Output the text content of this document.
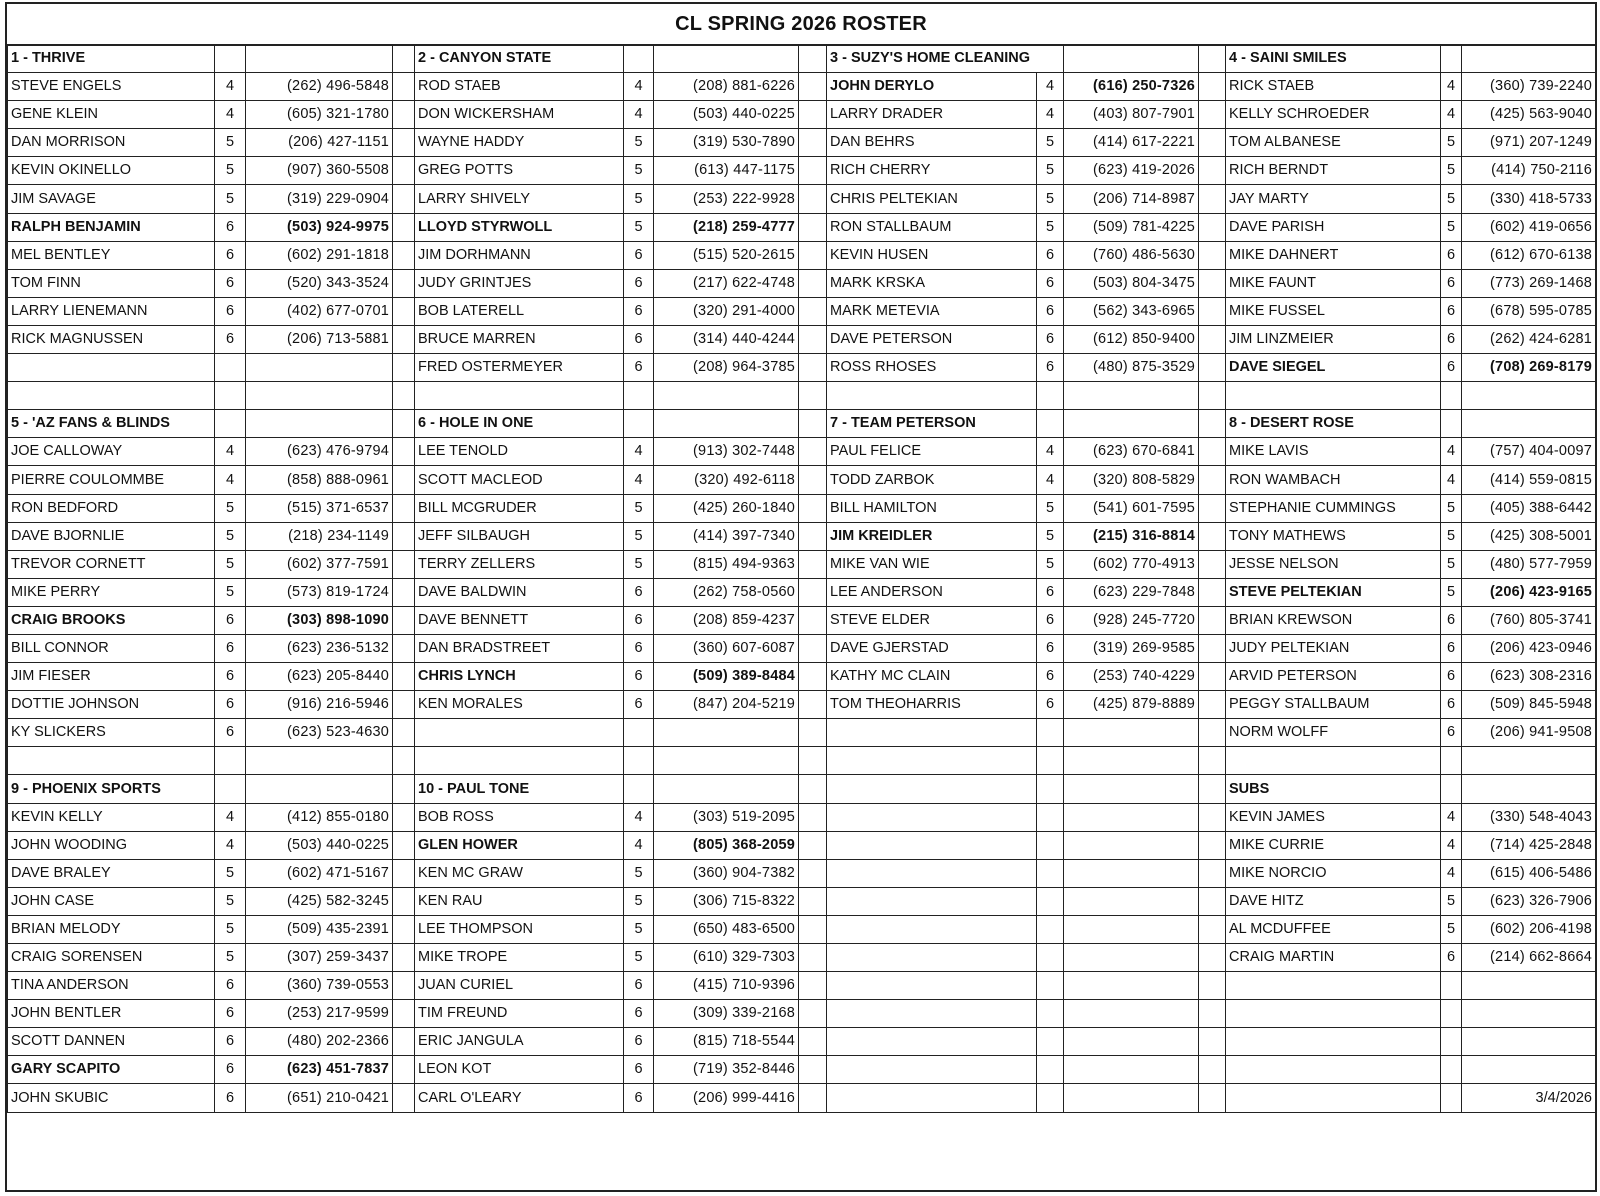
CL SPRING 2026 ROSTER
1 - THRIVE				2 - CANYON STATE				3 - SUZY'S HOME CLEANING				4 - SAINI SMILES		
STEVE ENGELS	4	(262) 496-5848		ROD STAEB	4	(208) 881-6226		JOHN DERYLO	4	(616) 250-7326		RICK STAEB	4	(360) 739-2240
GENE KLEIN	4	(605) 321-1780		DON WICKERSHAM	4	(503) 440-0225		LARRY DRADER	4	(403) 807-7901		KELLY SCHROEDER	4	(425) 563-9040
DAN MORRISON	5	(206) 427-1151		WAYNE HADDY	5	(319) 530-7890		DAN BEHRS	5	(414) 617-2221		TOM ALBANESE	5	(971) 207-1249
KEVIN OKINELLO	5	(907) 360-5508		GREG POTTS	5	(613) 447-1175		RICH CHERRY	5	(623) 419-2026		RICH BERNDT	5	(414) 750-2116
JIM SAVAGE	5	(319) 229-0904		LARRY SHIVELY	5	(253) 222-9928		CHRIS PELTEKIAN	5	(206) 714-8987		JAY MARTY	5	(330) 418-5733
RALPH BENJAMIN	6	(503) 924-9975		LLOYD STYRWOLL	5	(218) 259-4777		RON STALLBAUM	5	(509) 781-4225		DAVE PARISH	5	(602) 419-0656
MEL BENTLEY	6	(602) 291-1818		JIM DORHMANN	6	(515) 520-2615		KEVIN HUSEN	6	(760) 486-5630		MIKE DAHNERT	6	(612) 670-6138
TOM FINN	6	(520) 343-3524		JUDY GRINTJES	6	(217) 622-4748		MARK KRSKA	6	(503) 804-3475		MIKE FAUNT	6	(773) 269-1468
LARRY LIENEMANN	6	(402) 677-0701		BOB LATERELL	6	(320) 291-4000		MARK METEVIA	6	(562) 343-6965		MIKE FUSSEL	6	(678) 595-0785
RICK MAGNUSSEN	6	(206) 713-5881		BRUCE MARREN	6	(314) 440-4244		DAVE PETERSON	6	(612) 850-9400		JIM LINZMEIER	6	(262) 424-6281
				FRED OSTERMEYER	6	(208) 964-3785		ROSS RHOSES	6	(480) 875-3529		DAVE SIEGEL	6	(708) 269-8179

5 - 'AZ FANS & BLINDS				6 - HOLE IN ONE				7 - TEAM PETERSON				8 - DESERT ROSE		
JOE CALLOWAY	4	(623) 476-9794		LEE TENOLD	4	(913) 302-7448		PAUL FELICE	4	(623) 670-6841		MIKE LAVIS	4	(757) 404-0097
PIERRE COULOMMBE	4	(858) 888-0961		SCOTT MACLEOD	4	(320) 492-6118		TODD ZARBOK	4	(320) 808-5829		RON WAMBACH	4	(414) 559-0815
RON BEDFORD	5	(515) 371-6537		BILL MCGRUDER	5	(425) 260-1840		BILL HAMILTON	5	(541) 601-7595		STEPHANIE CUMMINGS	5	(405) 388-6442
DAVE BJORNLIE	5	(218) 234-1149		JEFF SILBAUGH	5	(414) 397-7340		JIM KREIDLER	5	(215) 316-8814		TONY MATHEWS	5	(425) 308-5001
TREVOR CORNETT	5	(602) 377-7591		TERRY ZELLERS	5	(815) 494-9363		MIKE VAN WIE	5	(602) 770-4913		JESSE NELSON	5	(480) 577-7959
MIKE PERRY	5	(573) 819-1724		DAVE BALDWIN	6	(262) 758-0560		LEE ANDERSON	6	(623) 229-7848		STEVE PELTEKIAN	5	(206) 423-9165
CRAIG BROOKS	6	(303) 898-1090		DAVE BENNETT	6	(208) 859-4237		STEVE ELDER	6	(928) 245-7720		BRIAN KREWSON	6	(760) 805-3741
BILL CONNOR	6	(623) 236-5132		DAN BRADSTREET	6	(360) 607-6087		DAVE GJERSTAD	6	(319) 269-9585		JUDY PELTEKIAN	6	(206) 423-0946
JIM FIESER	6	(623) 205-8440		CHRIS LYNCH	6	(509) 389-8484		KATHY MC CLAIN	6	(253) 740-4229		ARVID PETERSON	6	(623) 308-2316
DOTTIE JOHNSON	6	(916) 216-5946		KEN MORALES	6	(847) 204-5219		TOM THEOHARRIS	6	(425) 879-8889		PEGGY STALLBAUM	6	(509) 845-5948
KY SLICKERS	6	(623) 523-4630										NORM WOLFF	6	(206) 941-9508

9 - PHOENIX SPORTS				10 - PAUL TONE								SUBS		
KEVIN KELLY	4	(412) 855-0180		BOB ROSS	4	(303) 519-2095						KEVIN JAMES	4	(330) 548-4043
JOHN WOODING	4	(503) 440-0225		GLEN HOWER	4	(805) 368-2059						MIKE CURRIE	4	(714) 425-2848
DAVE BRALEY	5	(602) 471-5167		KEN MC GRAW	5	(360) 904-7382						MIKE NORCIO	4	(615) 406-5486
JOHN CASE	5	(425) 582-3245		KEN RAU	5	(306) 715-8322						DAVE HITZ	5	(623) 326-7906
BRIAN MELODY	5	(509) 435-2391		LEE THOMPSON	5	(650) 483-6500						AL MCDUFFEE	5	(602) 206-4198
CRAIG SORENSEN	5	(307) 259-3437		MIKE TROPE	5	(610) 329-7303						CRAIG MARTIN	6	(214) 662-8664
TINA ANDERSON	6	(360) 739-0553		JUAN CURIEL	6	(415) 710-9396								
JOHN BENTLER	6	(253) 217-9599		TIM FREUND	6	(309) 339-2168								
SCOTT DANNEN	6	(480) 202-2366		ERIC JANGULA	6	(815) 718-5544								
GARY SCAPITO	6	(623) 451-7837		LEON KOT	6	(719) 352-8446								
JOHN SKUBIC	6	(651) 210-0421		CARL O'LEARY	6	(206) 999-4416								3/4/2026
